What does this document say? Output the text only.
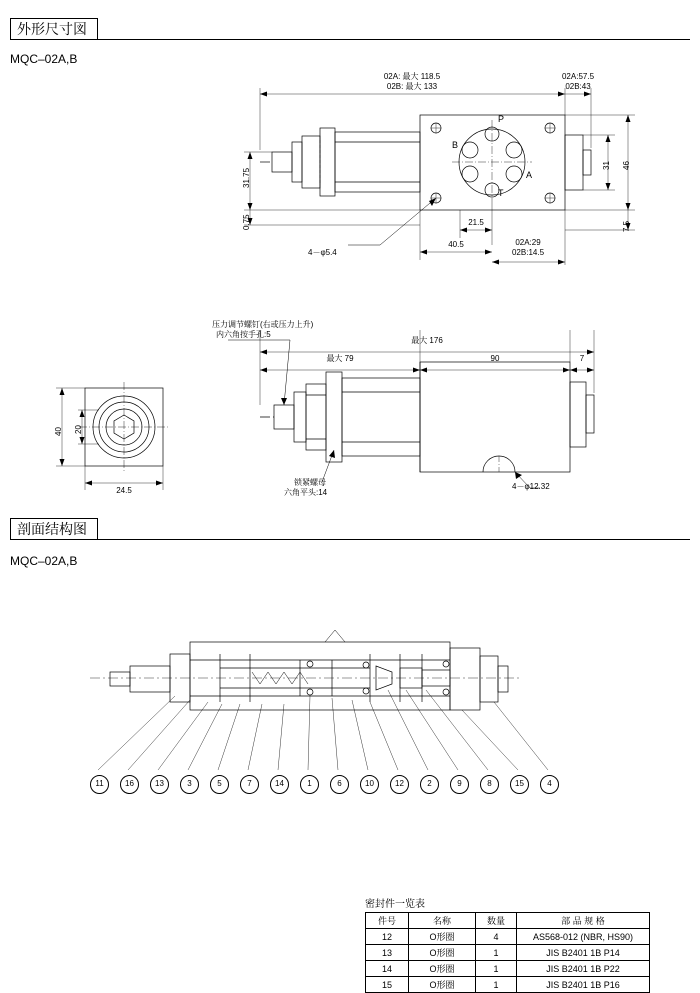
外形尺寸図
MQC–02A,B
02A: 最大 118.5
02B: 最大 133
02A:57.5
02B:43
31.75
0.75
31 46
7.5
21.5
40.5	02A:29
02B:14.5
4－φ5.4
P
B
A
T
最大 176
最大 79	90	7
4－φ12.32
压力调节螺钉(右或压力上升)
内六角按手孔:5
锁紧螺母
六角平头:14
40 20
24.5
剖面结构图
MQC–02A,B
11	16	13	3	5	7	14	1	6	10	12	2	9	8	15	4
密封件一览表
件号	名称	数量	部 品 规 格
12	O形圈	4	AS568-012 (NBR, HS90)
13	O形圈	1	JIS B2401 1B P14
14	O形圈	1	JIS B2401 1B P22
15	O形圈	1	JIS B2401 1B P16
